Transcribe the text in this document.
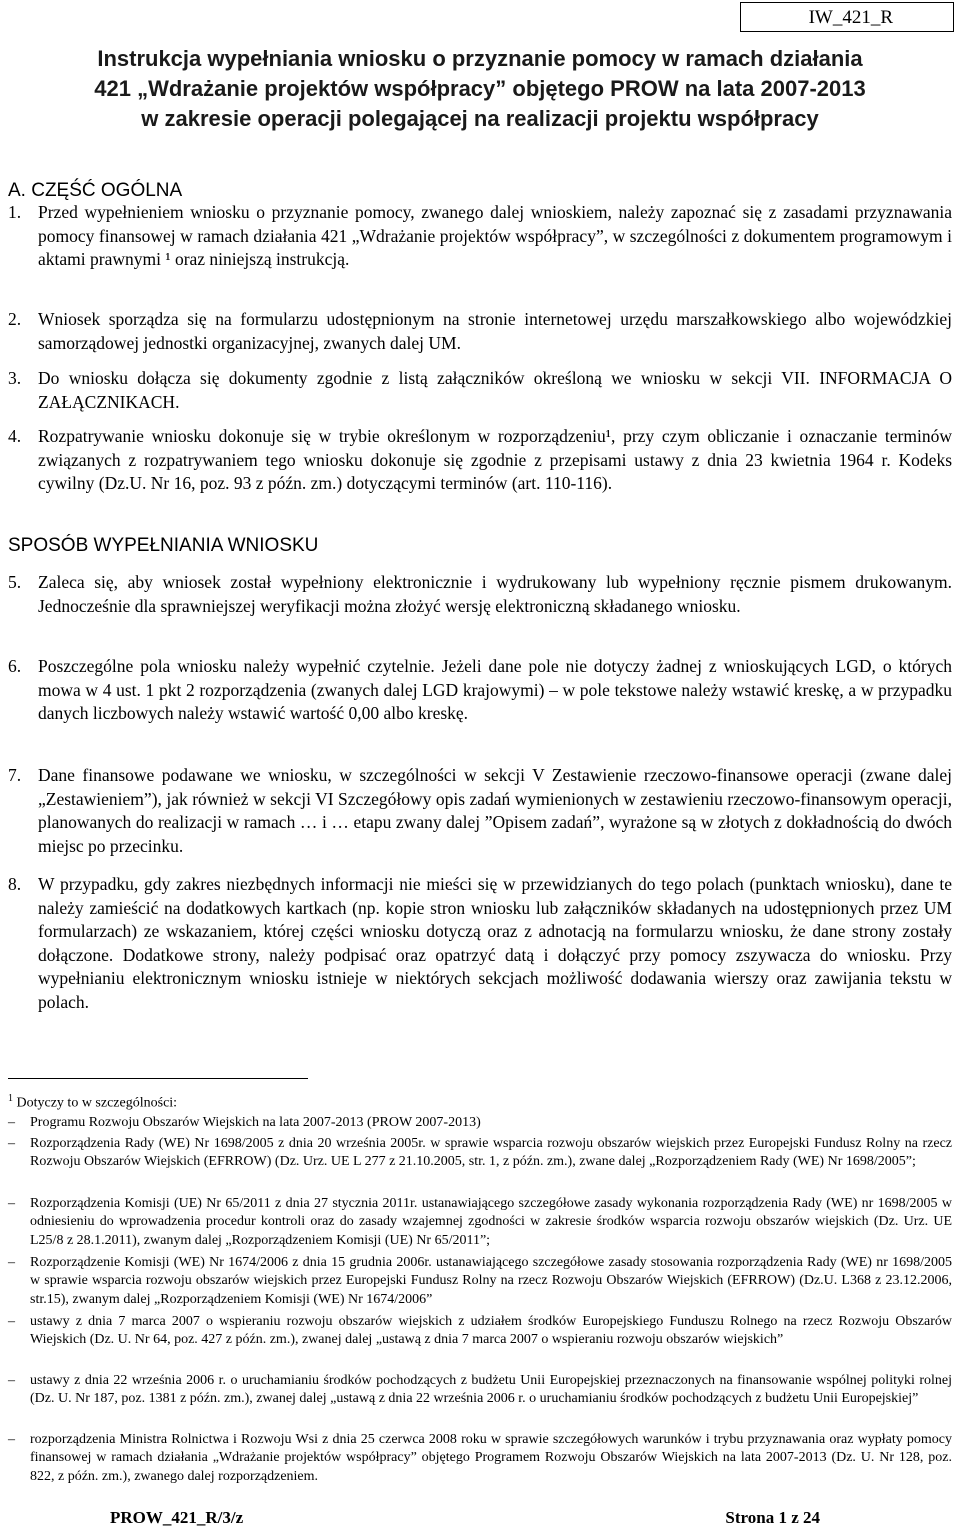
IW_421_R
Instrukcja wypełniania wniosku o przyznanie pomocy w ramach działania
421 „Wdrażanie projektów współpracy” objętego PROW na lata 2007-2013
w zakresie operacji polegającej na realizacji projektu współpracy
A. CZĘŚĆ OGÓLNA
1. Przed wypełnieniem wniosku o przyznanie pomocy, zwanego dalej wnioskiem, należy zapoznać się z zasadami przyznawania pomocy finansowej w ramach działania 421 „Wdrażanie projektów współpracy”, w szczególności z dokumentem programowym i aktami prawnymi ¹ oraz niniejszą instrukcją.
2. Wniosek sporządza się na formularzu udostępnionym na stronie internetowej urzędu marszałkowskiego albo wojewódzkiej samorządowej jednostki organizacyjnej, zwanych dalej UM.
3. Do wniosku dołącza się dokumenty zgodnie z listą załączników określoną we wniosku w sekcji VII. INFORMACJA O ZAŁĄCZNIKACH.
4. Rozpatrywanie wniosku dokonuje się w trybie określonym w rozporządzeniu¹, przy czym obliczanie i oznaczanie terminów związanych z rozpatrywaniem tego wniosku dokonuje się zgodnie z przepisami ustawy z dnia 23 kwietnia 1964 r. Kodeks cywilny (Dz.U. Nr 16, poz. 93 z późn. zm.) dotyczącymi terminów (art. 110-116).
SPOSÓB WYPEŁNIANIA WNIOSKU
5. Zaleca się, aby wniosek został wypełniony elektronicznie i wydrukowany lub wypełniony ręcznie pismem drukowanym. Jednocześnie dla sprawniejszej weryfikacji można złożyć wersję elektroniczną składanego wniosku.
6. Poszczególne pola wniosku należy wypełnić czytelnie. Jeżeli dane pole nie dotyczy żadnej z wnioskujących LGD, o których mowa w 4 ust. 1 pkt 2 rozporządzenia (zwanych dalej LGD krajowymi) – w pole tekstowe należy wstawić kreskę, a w przypadku danych liczbowych należy wstawić wartość 0,00 albo kreskę.
7. Dane finansowe podawane we wniosku, w szczególności w sekcji V Zestawienie rzeczowo-finansowe operacji (zwane dalej „Zestawieniem”), jak również w sekcji VI Szczegółowy opis zadań wymienionych w zestawieniu rzeczowo-finansowym operacji, planowanych do realizacji w ramach … i … etapu zwany dalej ”Opisem zadań”, wyrażone są w złotych z dokładnością do dwóch miejsc po przecinku.
8. W przypadku, gdy zakres niezbędnych informacji nie mieści się w przewidzianych do tego polach (punktach wniosku), dane te należy zamieścić na dodatkowych kartkach (np. kopie stron wniosku lub załączników składanych na udostępnionych przez UM formularzach) ze wskazaniem, której części wniosku dotyczą oraz z adnotacją na formularzu wniosku, że dane strony zostały dołączone. Dodatkowe strony, należy podpisać oraz opatrzyć datą i dołączyć przy pomocy zszywacza do wniosku. Przy wypełnianiu elektronicznym wniosku istnieje w niektórych sekcjach możliwość dodawania wierszy oraz zawijania tekstu w polach.
$^1$ Dotyczy to w szczególności:
– Programu Rozwoju Obszarów Wiejskich na lata 2007-2013 (PROW 2007-2013)
– Rozporządzenia Rady (WE) Nr 1698/2005 z dnia 20 września 2005r. w sprawie wsparcia rozwoju obszarów wiejskich przez Europejski Fundusz Rolny na rzecz Rozwoju Obszarów Wiejskich (EFRROW) (Dz. Urz. UE L 277 z 21.10.2005, str. 1, z późn. zm.), zwane dalej „Rozporządzeniem Rady (WE) Nr 1698/2005”;
– Rozporządzenia Komisji (UE) Nr 65/2011 z dnia 27 stycznia 2011r. ustanawiającego szczegółowe zasady wykonania rozporządzenia Rady (WE) nr 1698/2005 w odniesieniu do wprowadzenia procedur kontroli oraz do zasady wzajemnej zgodności w zakresie środków wsparcia rozwoju obszarów wiejskich (Dz. Urz. UE L25/8 z 28.1.2011), zwanym dalej „Rozporządzeniem Komisji (UE) Nr 65/2011”;
– Rozporządzenie Komisji (WE) Nr 1674/2006 z dnia 15 grudnia 2006r. ustanawiającego szczegółowe zasady stosowania rozporządzenia Rady (WE) nr 1698/2005 w sprawie wsparcia rozwoju obszarów wiejskich przez Europejski Fundusz Rolny na rzecz Rozwoju Obszarów Wiejskich (EFRROW) (Dz.U. L368 z 23.12.2006, str.15), zwanym dalej „Rozporządzeniem Komisji (WE) Nr 1674/2006”
– ustawy z dnia 7 marca 2007 o wspieraniu rozwoju obszarów wiejskich z udziałem środków Europejskiego Funduszu Rolnego na rzecz Rozwoju Obszarów Wiejskich (Dz. U. Nr 64, poz. 427 z późn. zm.), zwanej dalej „ustawą z dnia 7 marca 2007 o wspieraniu rozwoju obszarów wiejskich”
– ustawy z dnia 22 września 2006 r. o uruchamianiu środków pochodzących z budżetu Unii Europejskiej przeznaczonych na finansowanie wspólnej polityki rolnej (Dz. U. Nr 187, poz. 1381 z późn. zm.), zwanej dalej „ustawą z dnia 22 września 2006 r. o uruchamianiu środków pochodzących z budżetu Unii Europejskiej”
– rozporządzenia Ministra Rolnictwa i Rozwoju Wsi z dnia 25 czerwca 2008 roku w sprawie szczegółowych warunków i trybu przyznawania oraz wypłaty pomocy finansowej w ramach działania „Wdrażanie projektów współpracy” objętego Programem Rozwoju Obszarów Wiejskich na lata 2007-2013 (Dz. U. Nr 128, poz. 822, z późn. zm.), zwanego dalej rozporządzeniem.
PROW_421_R/3/z	Strona 1 z 24
